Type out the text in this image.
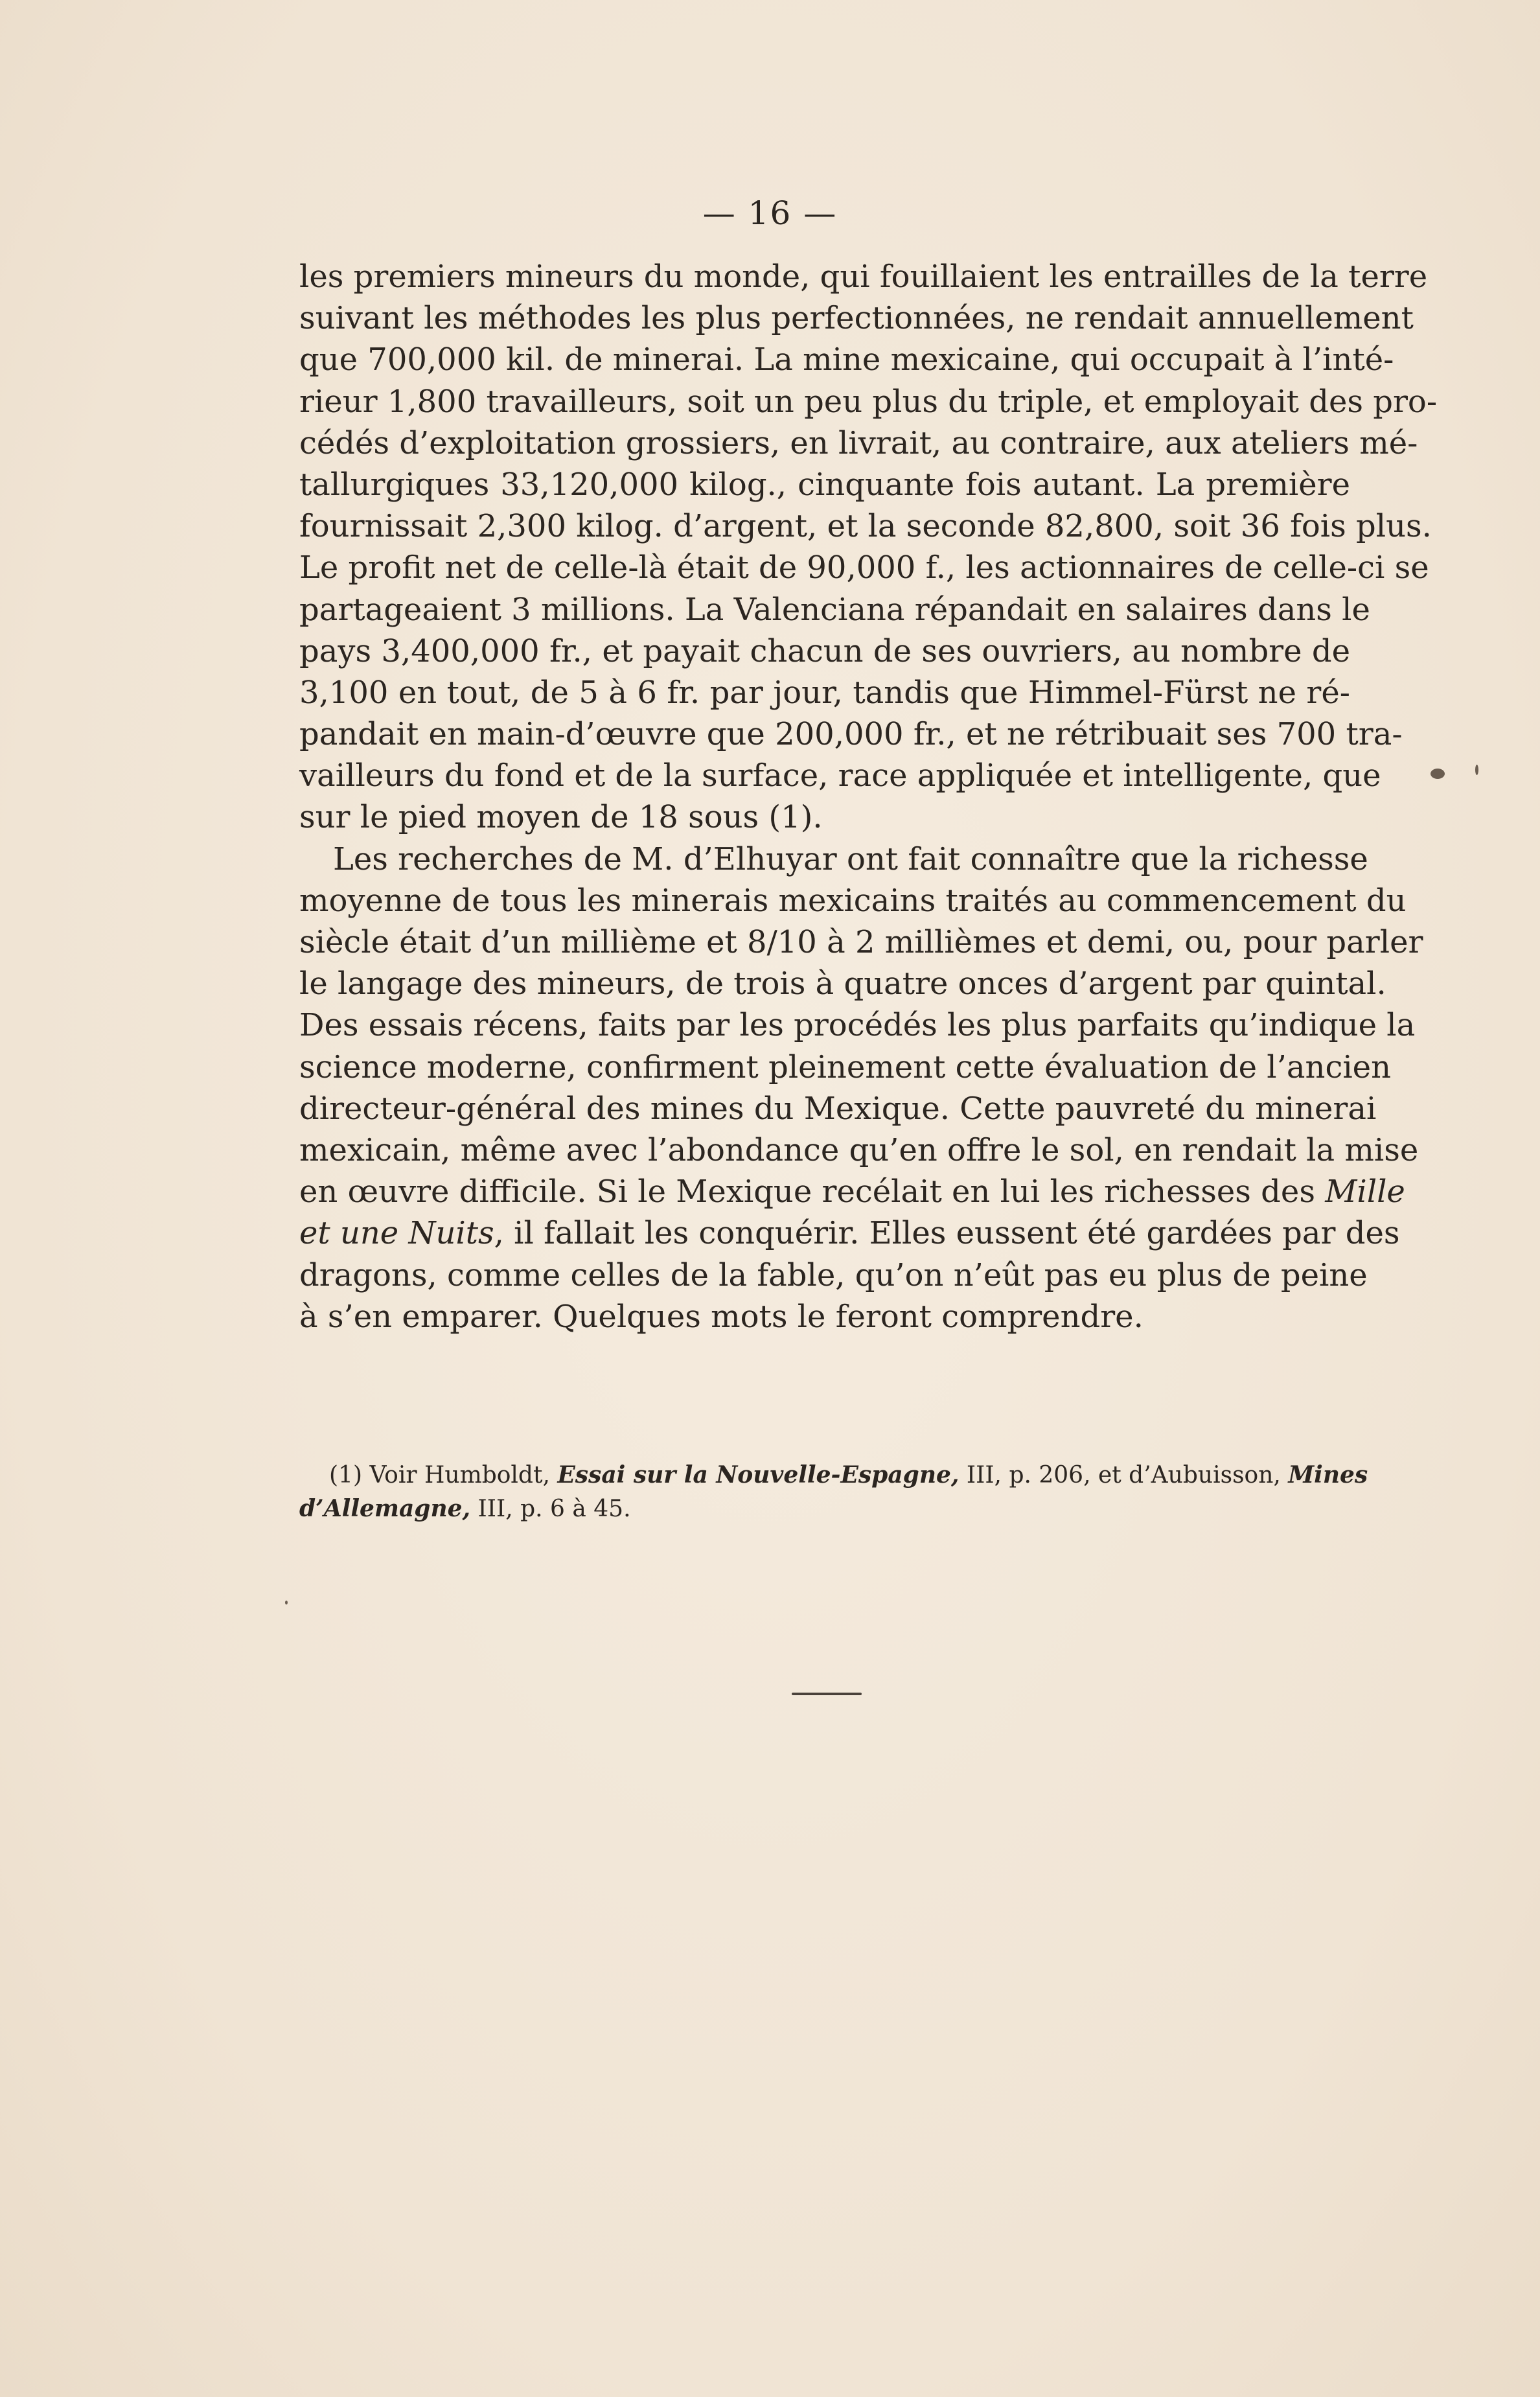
— 16 —
les premiers mineurs du monde, qui fouillaient les entrailles de la terre
suivant les méthodes les plus perfectionnées, ne rendait annuellement
que 700,000 kil. de minerai. La mine mexicaine, qui occupait à l’inté-
rieur 1,800 travailleurs, soit un peu plus du triple, et employait des pro-
cédés d’exploitation grossiers, en livrait, au contraire, aux ateliers mé-
tallurgiques 33,120,000 kilog., cinquante fois autant. La première
fournissait 2,300 kilog. d’argent, et la seconde 82,800, soit 36 fois plus.
Le profit net de celle-là était de 90,000 f., les actionnaires de celle-ci se
partageaient 3 millions. La Valenciana répandait en salaires dans le
pays 3,400,000 fr., et payait chacun de ses ouvriers, au nombre de
3,100 en tout, de 5 à 6 fr. par jour, tandis que Himmel-Fürst ne ré-
pandait en main-d’œuvre que 200,000 fr., et ne rétribuait ses 700 tra-
vailleurs du fond et de la surface, race appliquée et intelligente, que
sur le pied moyen de 18 sous (1).
Les recherches de M. d’Elhuyar ont fait connaître que la richesse
moyenne de tous les minerais mexicains traités au commencement du
siècle était d’un millième et 8/10 à 2 millièmes et demi, ou, pour parler
le langage des mineurs, de trois à quatre onces d’argent par quintal.
Des essais récens, faits par les procédés les plus parfaits qu’indique la
science moderne, confirment pleinement cette évaluation de l’ancien
directeur-général des mines du Mexique. Cette pauvreté du minerai
mexicain, même avec l’abondance qu’en offre le sol, en rendait la mise
en œuvre difficile. Si le Mexique recélait en lui les richesses des Mille
et une Nuits, il fallait les conquérir. Elles eussent été gardées par des
dragons, comme celles de la fable, qu’on n’eût pas eu plus de peine
à s’en emparer. Quelques mots le feront comprendre.
(1) Voir Humboldt, Essai sur la Nouvelle-Espagne, III, p. 206, et d’Aubuisson, Mines
d’Allemagne, III, p. 6 à 45.
